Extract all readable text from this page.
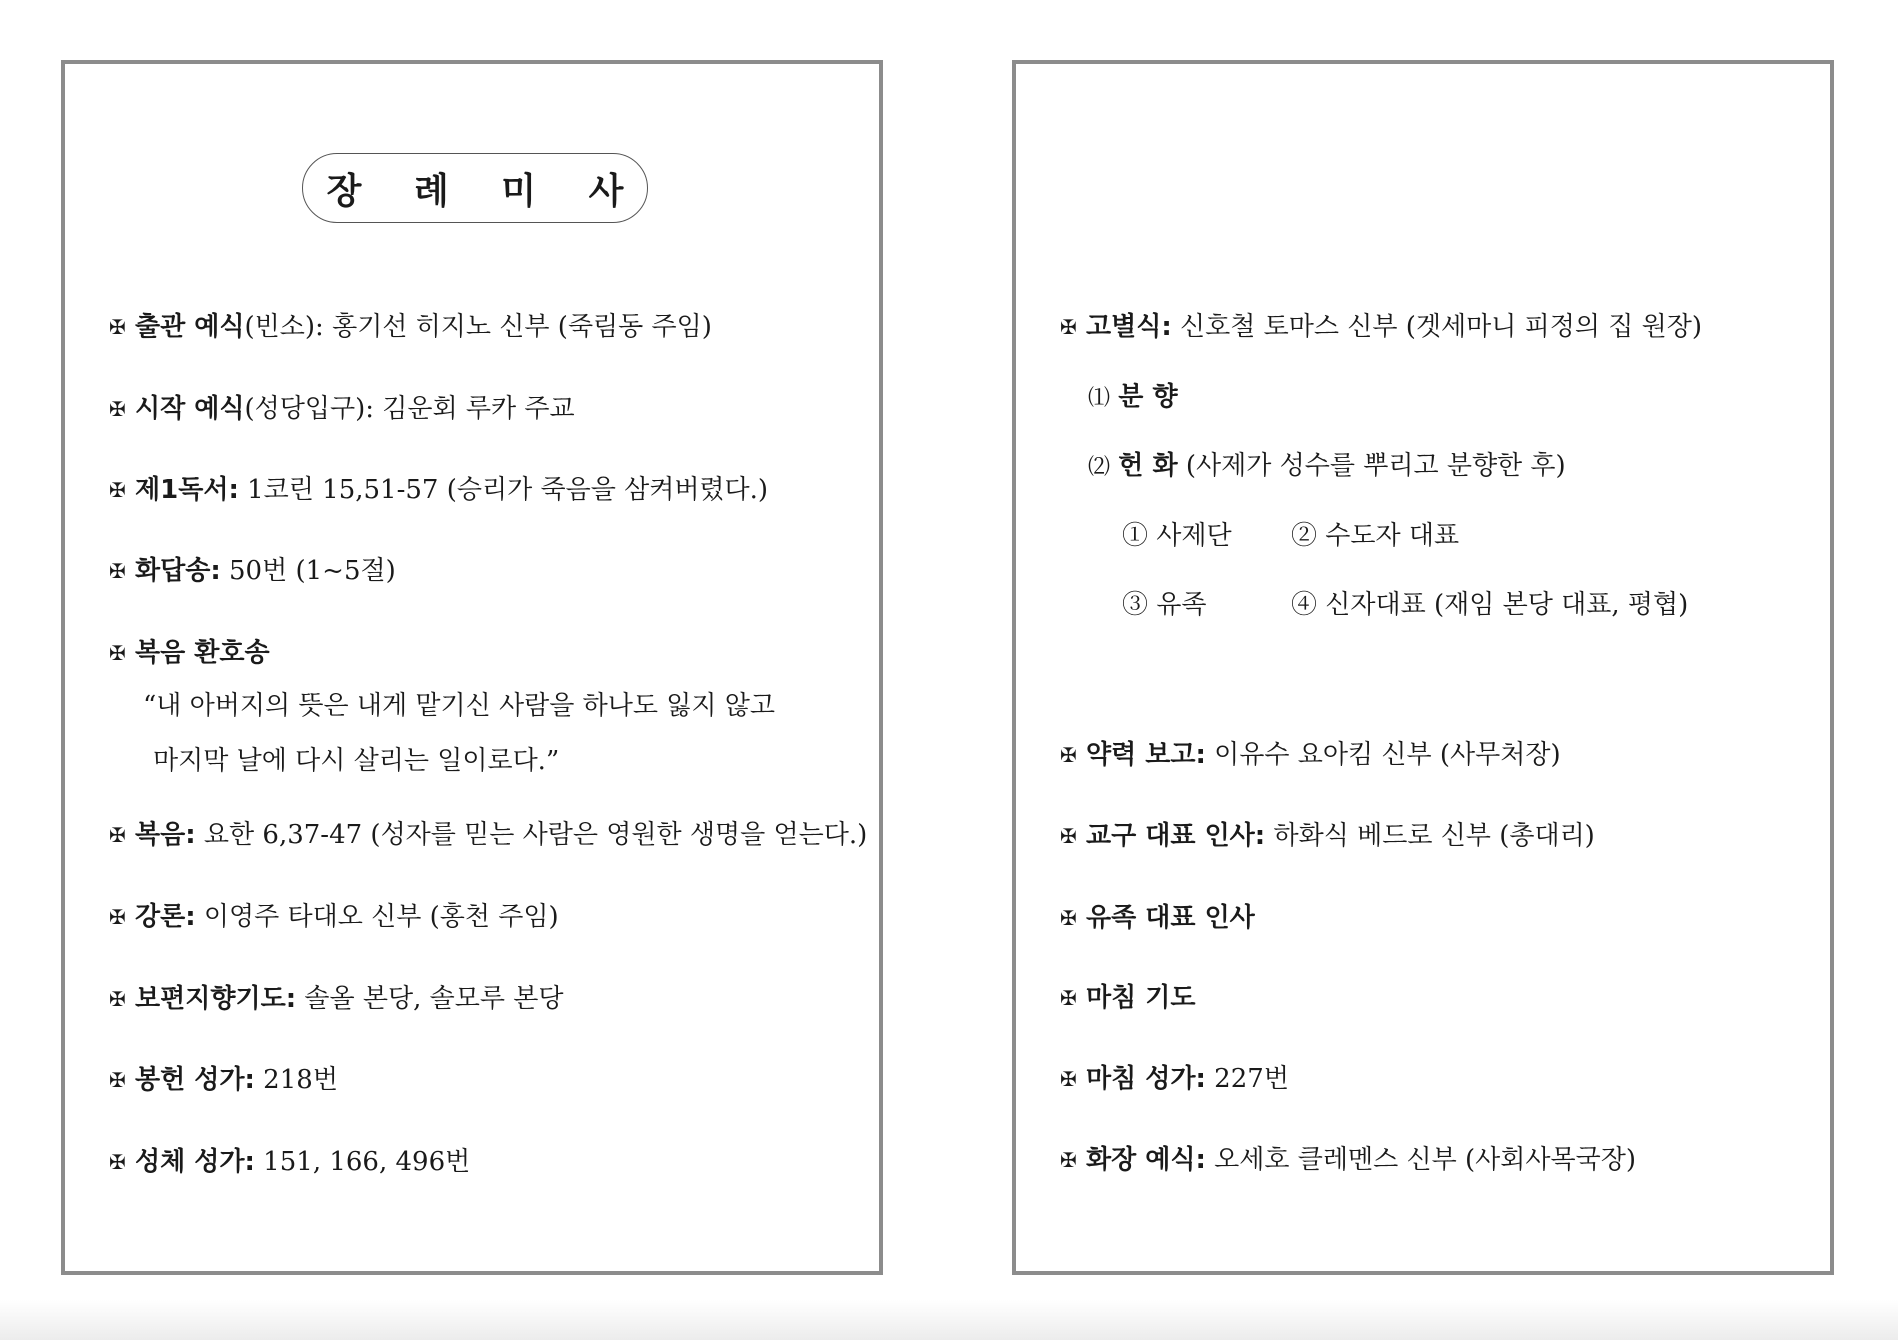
장 례 미 사
✠ 출관 예식(빈소): 홍기선 히지노 신부 (죽림동 주임)
✠ 시작 예식(성당입구): 김운회 루카 주교
✠ 제1독서: 1코린 15,51-57 (승리가 죽음을 삼켜버렸다.)
✠ 화답송: 50번 (1~5절)
✠ 복음 환호송
“내 아버지의 뜻은 내게 맡기신 사람을 하나도 잃지 않고
마지막 날에 다시 살리는 일이로다.”
✠ 복음: 요한 6,37-47 (성자를 믿는 사람은 영원한 생명을 얻는다.)
✠ 강론: 이영주 타대오 신부 (홍천 주임)
✠ 보편지향기도: 솔올 본당, 솔모루 본당
✠ 봉헌 성가: 218번
✠ 성체 성가: 151, 166, 496번
✠ 고별식: 신호철 토마스 신부 (겟세마니 피정의 집 원장)
⑴ 분 향
⑵ 헌 화 (사제가 성수를 뿌리고 분향한 후)
① 사제단 ② 수도자 대표
③ 유족	④ 신자대표 (재임 본당 대표, 평협)
✠ 약력 보고: 이유수 요아킴 신부 (사무처장)
✠ 교구 대표 인사: 하화식 베드로 신부 (총대리)
✠ 유족 대표 인사
✠ 마침 기도
✠ 마침 성가: 227번
✠ 화장 예식: 오세호 클레멘스 신부 (사회사목국장)
